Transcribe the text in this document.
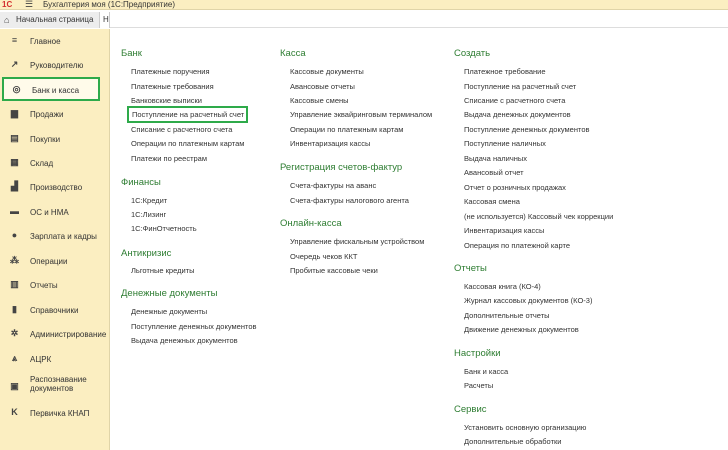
1С ☰ Бухгалтерия моя (1С:Предприятие)
⌂ Начальная страница	Н
≡	Главное
↗ Руководителю
◎ Банк и касса
▆ Продажи
▤ Покупки
▦ Склад
▟ Производство
▬ ОС и НМА
●	Зарплата и кадры
⁂ Операции
▥ Отчеты
▮	Справочники
✲ Администрирование
⩓	АЦРК
▣
Распознавание документов
K Первичка КНАП
Банк
Платежные поручения
Платежные требования
Банковские выписки
Поступление на расчетный счет
Списание с расчетного счета
Операции по платежным картам
Платежи по реестрам
Финансы
1С:Кредит
1С:Лизинг
1С:ФинОтчетность
Антикризис
Льготные кредиты
Денежные документы
Денежные документы
Поступление денежных документов
Выдача денежных документов
Касса
Кассовые документы
Авансовые отчеты
Кассовые смены
Управление эквайринговым терминалом
Операции по платежным картам
Инвентаризация кассы
Регистрация счетов-фактур
Счета-фактуры на аванс
Счета-фактуры налогового агента
Онлайн-касса
Управление фискальным устройством
Очередь чеков ККТ
Пробитые кассовые чеки
Создать
Платежное требование
Поступление на расчетный счет
Списание с расчетного счета
Выдача денежных документов
Поступление денежных документов
Поступление наличных
Выдача наличных
Авансовый отчет
Отчет о розничных продажах
Кассовая смена
(не используется) Кассовый чек коррекции
Инвентаризация кассы
Операция по платежной карте
Отчеты
Кассовая книга (КО-4)
Журнал кассовых документов (КО-3)
Дополнительные отчеты
Движение денежных документов
Настройки
Банк и касса
Расчеты
Сервис
Установить основную организацию
Дополнительные обработки
